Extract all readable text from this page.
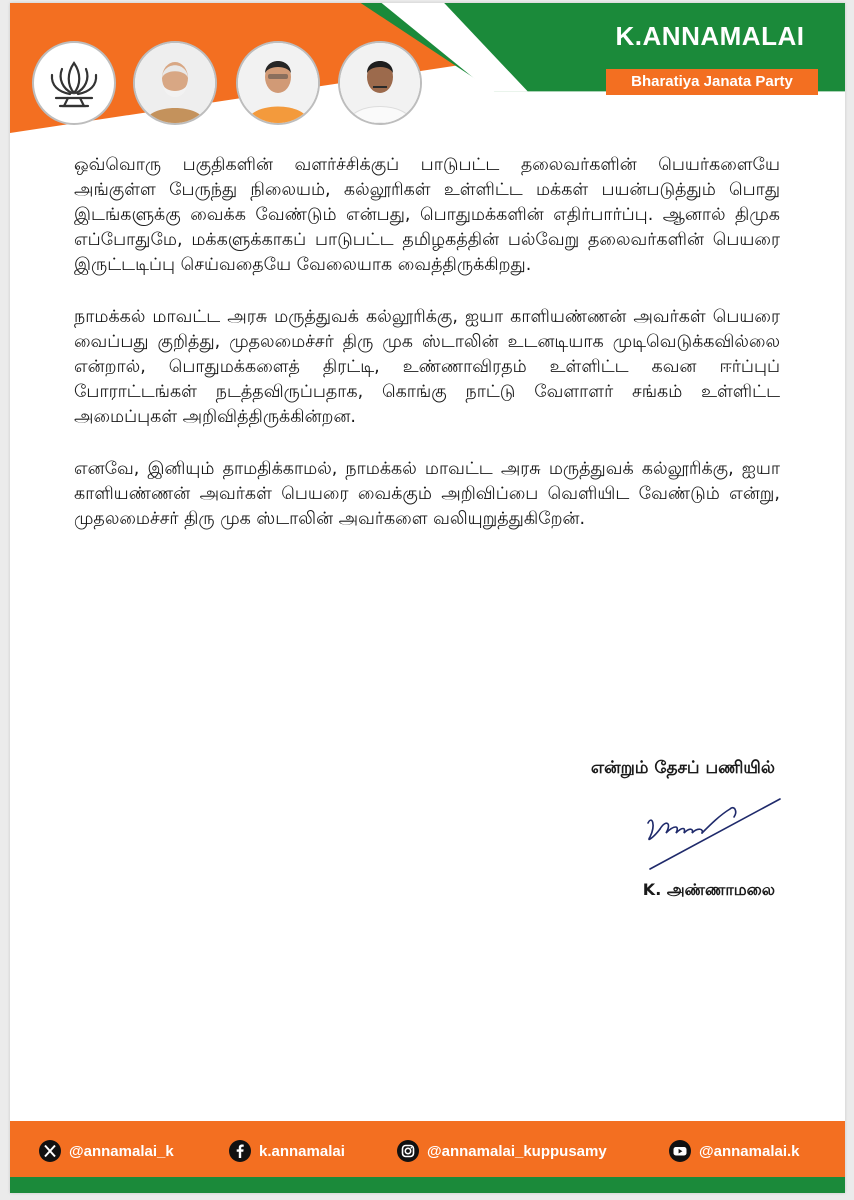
K.ANNAMALAI
Bharatiya Janata Party

ஒவ்வொரு பகுதிகளின் வளர்ச்சிக்குப் பாடுபட்ட தலைவர்களின் பெயர்களையே அங்குள்ள பேருந்து நிலையம், கல்லூரிகள் உள்ளிட்ட மக்கள் பயன்படுத்தும் பொது இடங்களுக்கு வைக்க வேண்டும் என்பது, பொதுமக்களின் எதிர்பார்ப்பு. ஆனால் திமுக எப்போதுமே, மக்களுக்காகப் பாடுபட்ட தமிழகத்தின் பல்வேறு தலைவர்களின் பெயரை இருட்டடிப்பு செய்வதையே வேலையாக வைத்திருக்கிறது.

நாமக்கல் மாவட்ட அரசு மருத்துவக் கல்லூரிக்கு, ஐயா காளியண்ணன் அவர்கள் பெயரை வைப்பது குறித்து, முதலமைச்சர் திரு முக ஸ்டாலின் உடனடியாக முடிவெடுக்கவில்லை என்றால், பொதுமக்களைத் திரட்டி, உண்ணாவிரதம் உள்ளிட்ட கவன ஈர்ப்புப் போராட்டங்கள் நடத்தவிருப்பதாக, கொங்கு நாட்டு வேளாளர் சங்கம் உள்ளிட்ட அமைப்புகள் அறிவித்திருக்கின்றன.

எனவே, இனியும் தாமதிக்காமல், நாமக்கல் மாவட்ட அரசு மருத்துவக் கல்லூரிக்கு, ஐயா காளியண்ணன் அவர்கள் பெயரை வைக்கும் அறிவிப்பை வெளியிட வேண்டும் என்று, முதலமைச்சர் திரு முக ஸ்டாலின் அவர்களை வலியுறுத்துகிறேன்.

என்றும் தேசப் பணியில்
K. அண்ணாமலை
@annamalai_k	k.annamalai	@annamalai_kuppusamy	@annamalai.k
